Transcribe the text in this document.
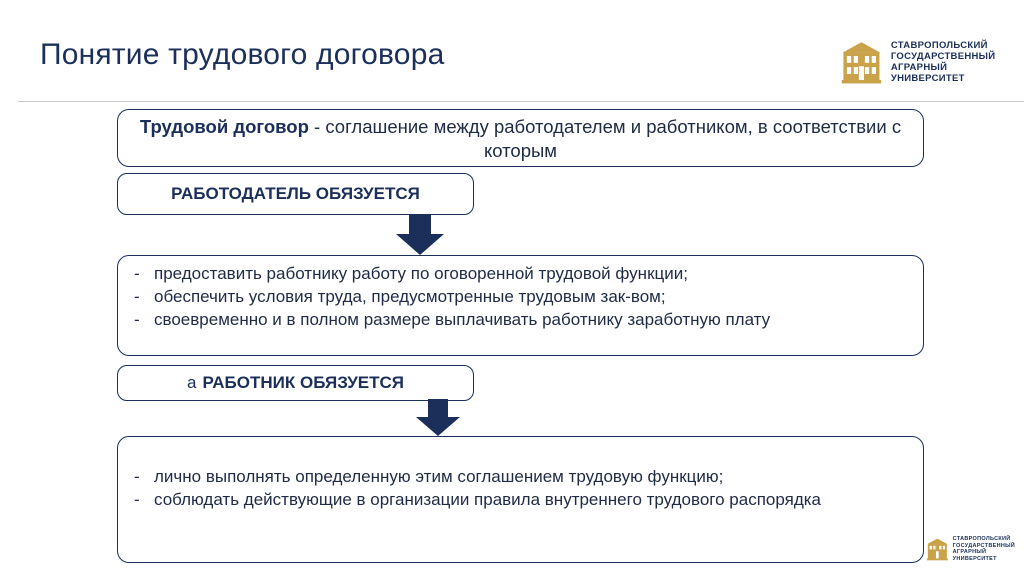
Понятие трудового договора	СТАВРОПОЛЬСКИЙ
ГОСУДАРСТВЕННЫЙ
АГРАРНЫЙ УНИВЕРСИТЕТ
Трудовой договор - соглашение между работодателем и работником, в соответствии с которым
РАБОТОДАТЕЛЬ ОБЯЗУЕТСЯ
- предоставить работнику работу по оговоренной трудовой функции;
- обеспечить условия труда, предусмотренные трудовым зак-вом;
- своевременно и в полном размере выплачивать работнику заработную плату
а РАБОТНИК ОБЯЗУЕТСЯ
- лично выполнять определенную этим соглашением трудовую функцию;
- соблюдать действующие в организации правила внутреннего трудового распорядка
СТАВРОПОЛЬСКИЙ
ГОСУДАРСТВЕННЫЙ
АГРАРНЫЙ УНИВЕРСИТЕТ
